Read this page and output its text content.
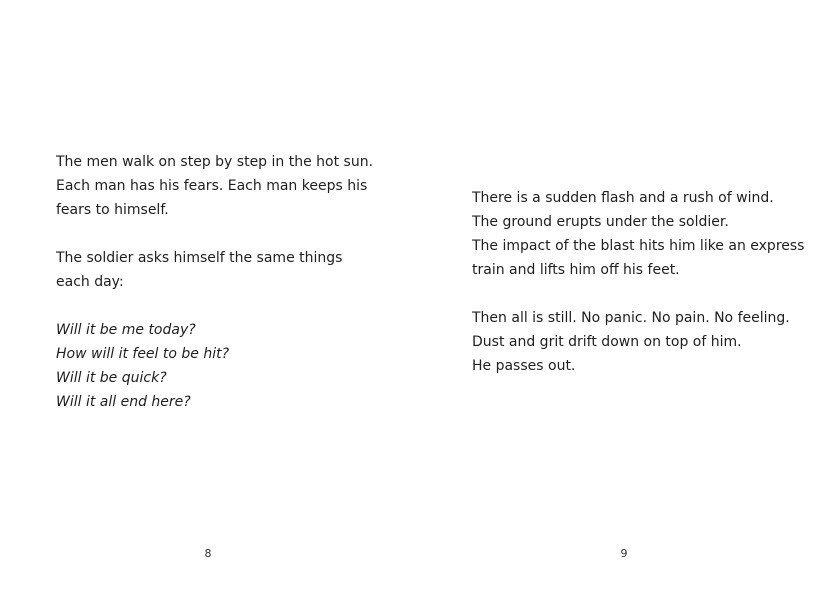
The men walk on step by step in the hot sun.
Each man has his fears. Each man keeps his
fears to himself.
The soldier asks himself the same things
each day:
Will it be me today?
How will it feel to be hit?
Will it be quick?
Will it all end here?
8
There is a sudden flash and a rush of wind.
The ground erupts under the soldier.
The impact of the blast hits him like an express
train and lifts him off his feet.
Then all is still. No panic. No pain. No feeling.
Dust and grit drift down on top of him.
He passes out.
9
